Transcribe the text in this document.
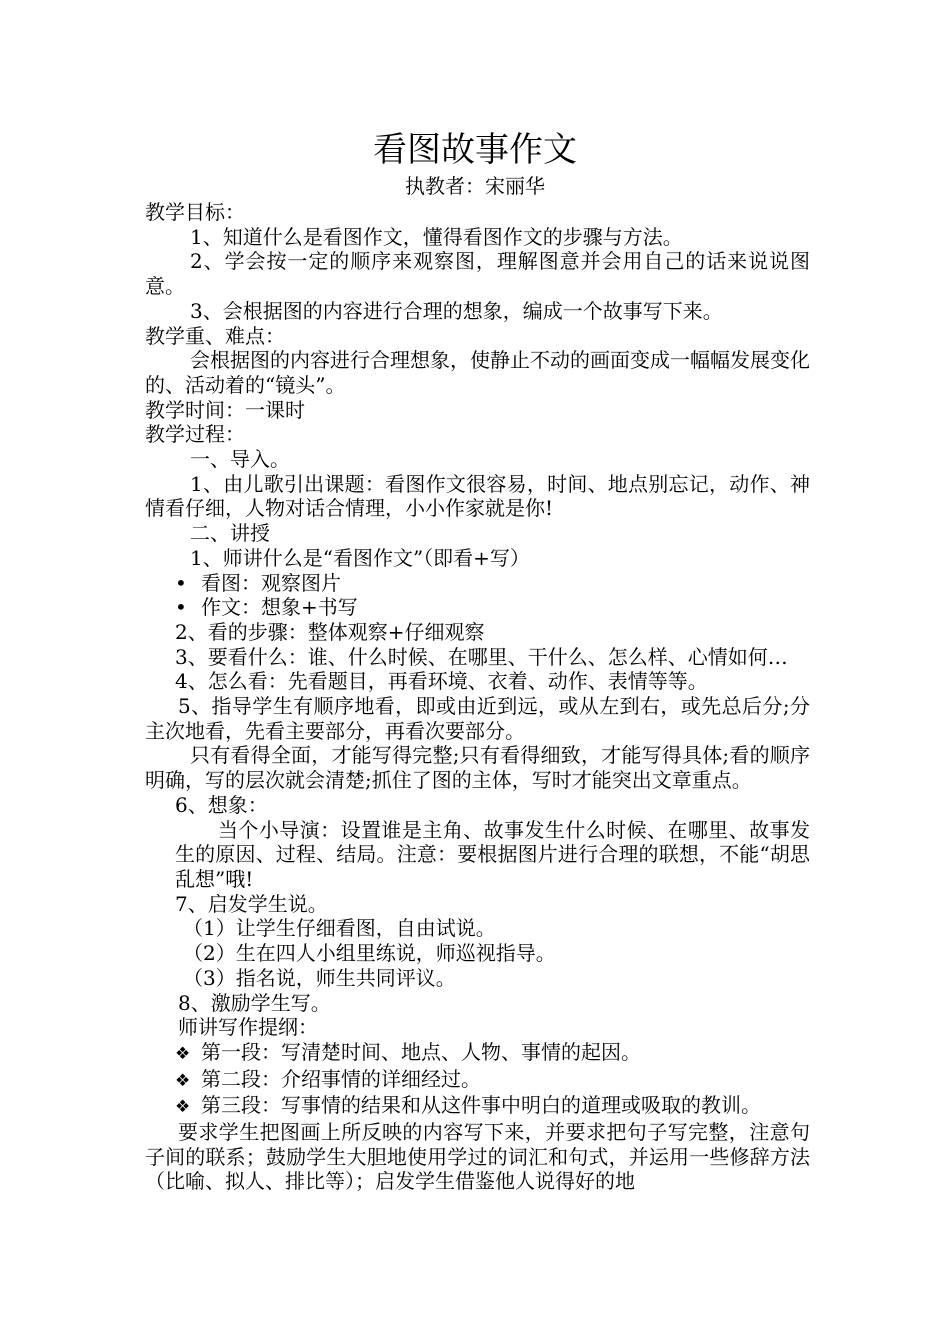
看图故事作文
执教者：宋丽华

教学目标：

1、知道什么是看图作文，懂得看图作文的步骤与方法。

2、学会按一定的顺序来观察图，理解图意并会用自己的话来说说图意。

3、会根据图的内容进行合理的想象，编成一个故事写下来。

教学重、难点：

会根据图的内容进行合理想象，使静止不动的画面变成一幅幅发展变化的、活动着的“镜头”。

教学时间：一课时

教学过程：

一、导入。

1、由儿歌引出课题：看图作文很容易，时间、地点别忘记，动作、神情看仔细，人物对话合情理，小小作家就是你!

二、讲授

1、师讲什么是“看图作文”（即看+写）

• 看图：观察图片

• 作文：想象+书写

2、看的步骤：整体观察+仔细观察

3、要看什么：谁、什么时候、在哪里、干什么、怎么样、心情如何…

4、怎么看：先看题目，再看环境、衣着、动作、表情等等。

5、指导学生有顺序地看，即或由近到远，或从左到右，或先总后分;分主次地看，先看主要部分，再看次要部分。

只有看得全面，才能写得完整;只有看得细致，才能写得具体;看的顺序明确，写的层次就会清楚;抓住了图的主体，写时才能突出文章重点。

6、想象：

当个小导演：设置谁是主角、故事发生什么时候、在哪里、故事发生的原因、过程、结局。注意：要根据图片进行合理的联想，不能“胡思乱想”哦!

7、启发学生说。

（1）让学生仔细看图，自由试说。

（2）生在四人小组里练说，师巡视指导。

（3）指名说，师生共同评议。

8、激励学生写。

师讲写作提纲：

❖ 第一段：写清楚时间、地点、人物、事情的起因。

❖ 第二段：介绍事情的详细经过。

❖ 第三段：写事情的结果和从这件事中明白的道理或吸取的教训。

要求学生把图画上所反映的内容写下来，并要求把句子写完整，注意句子间的联系；鼓励学生大胆地使用学过的词汇和句式，并运用一些修辞方法（比喻、拟人、排比等）；启发学生借鉴他人说得好的地
